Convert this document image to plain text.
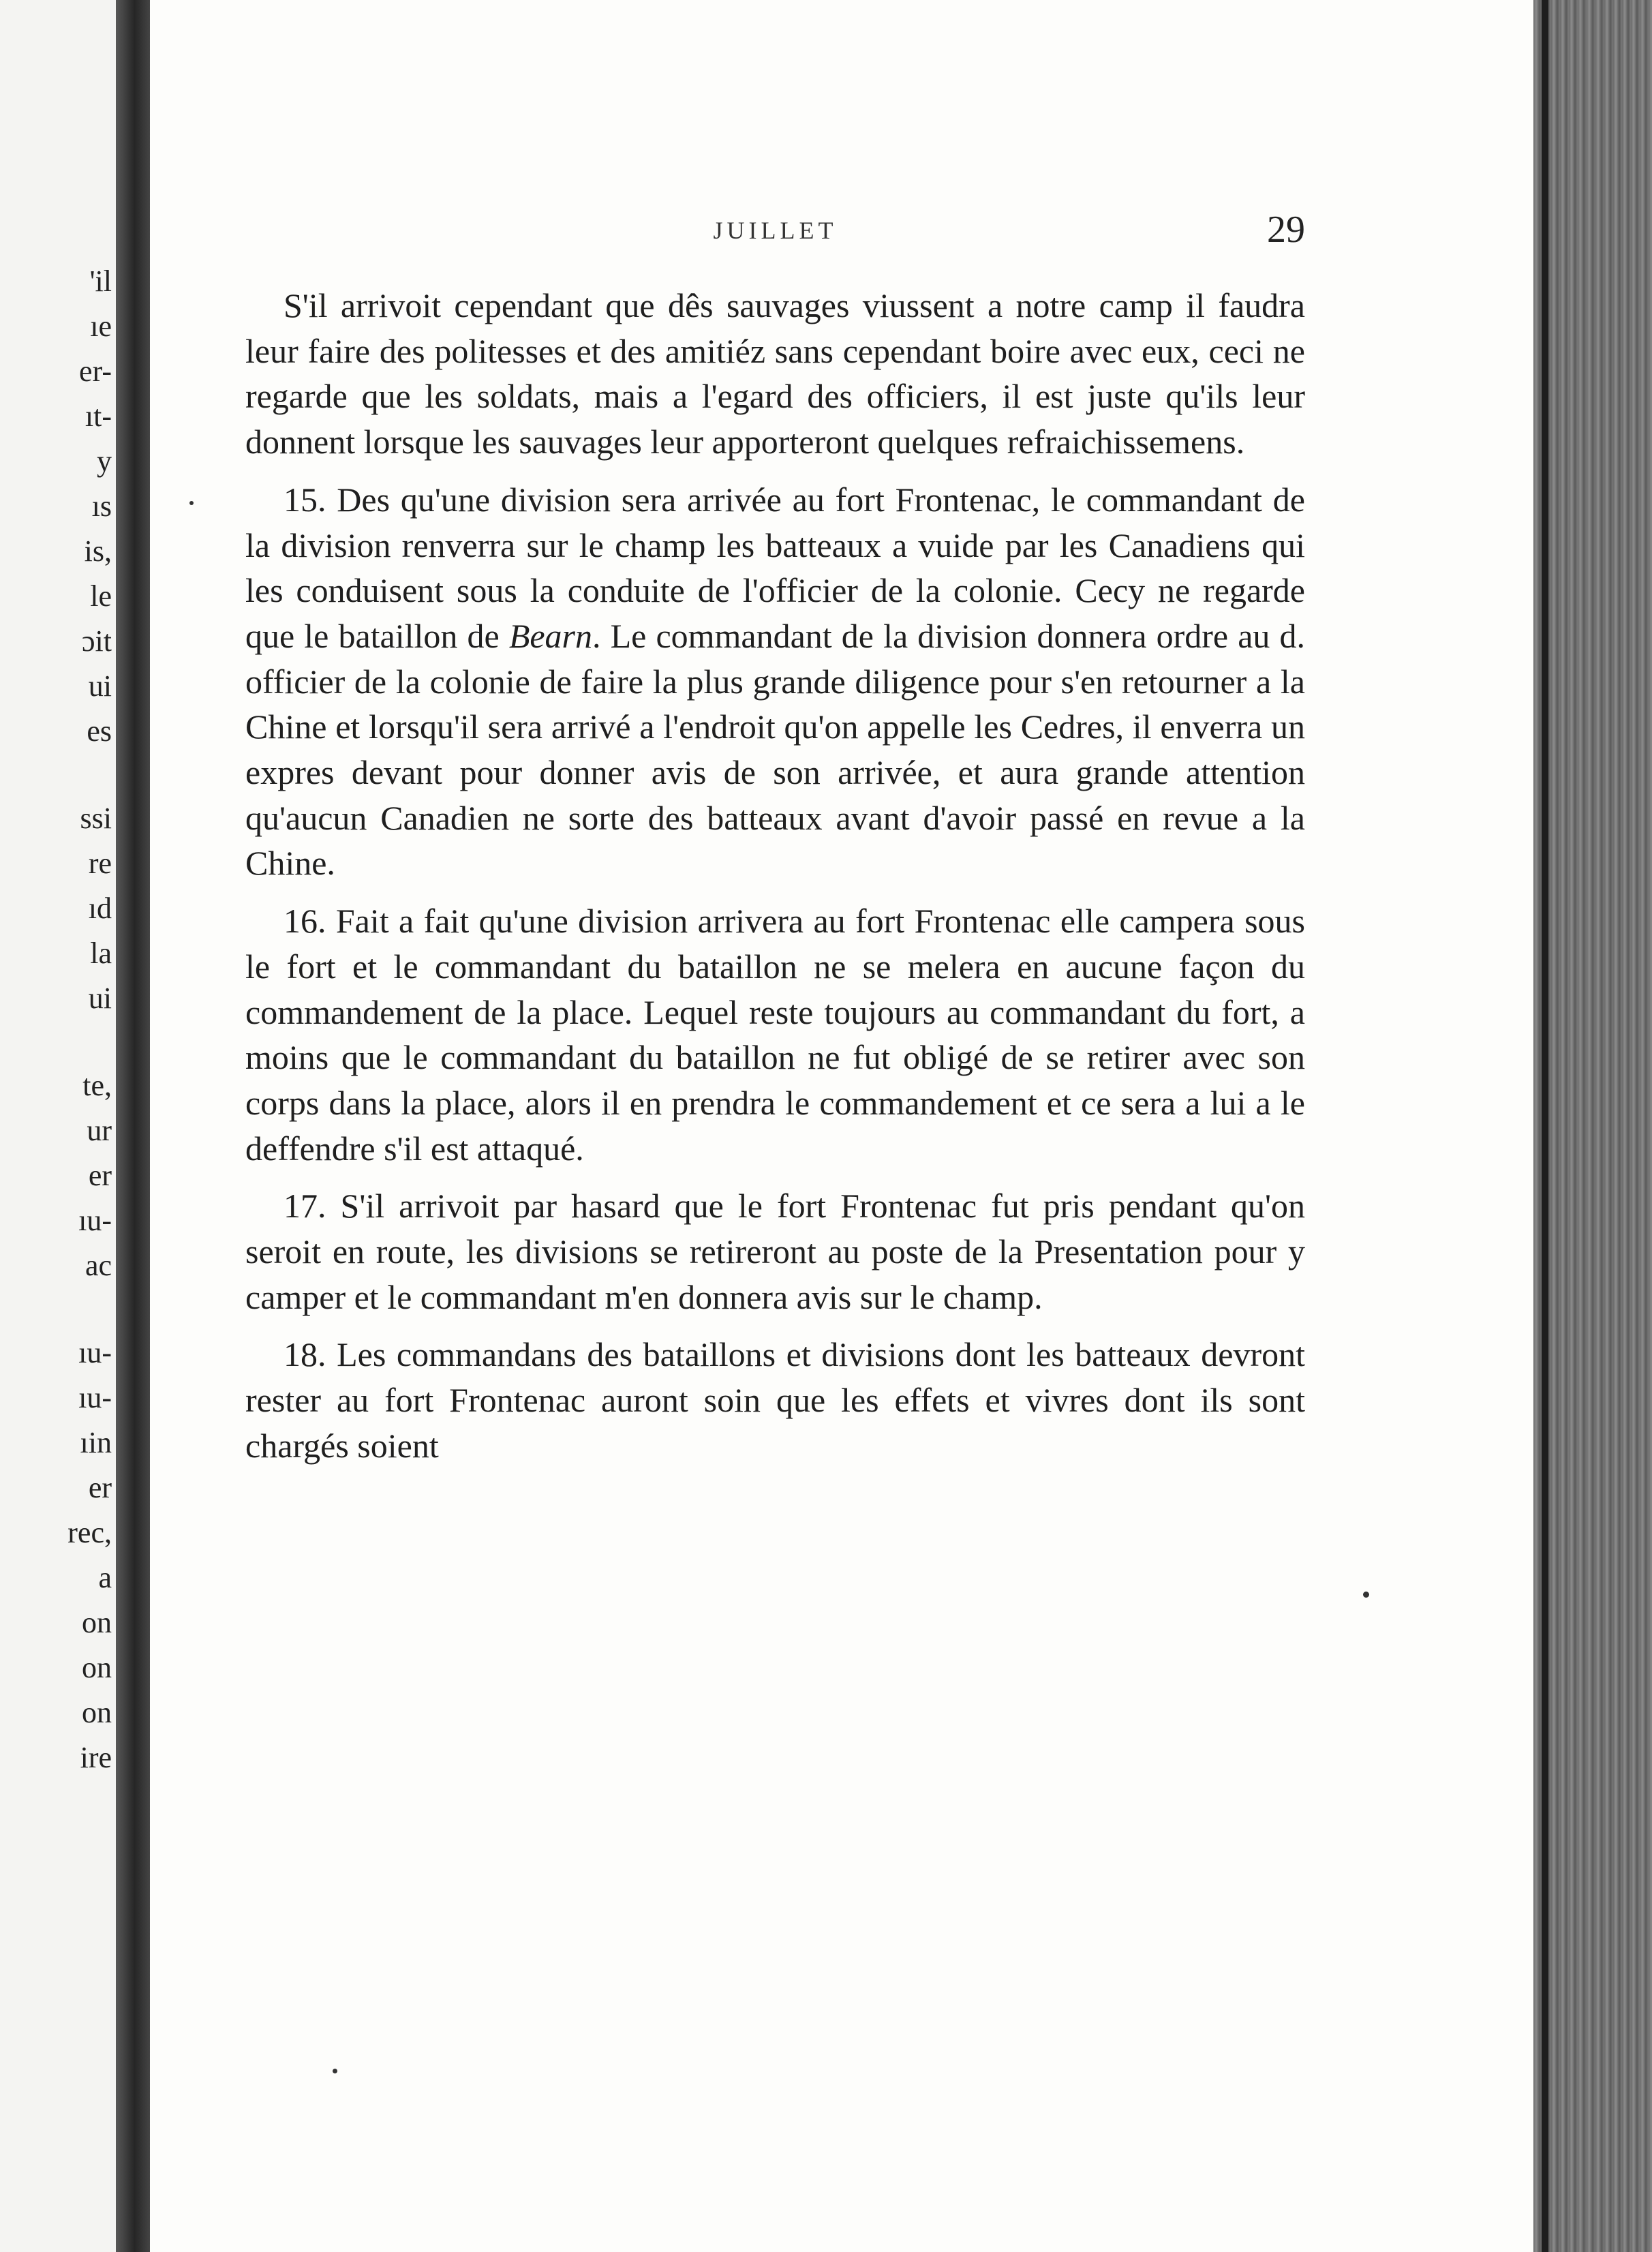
'il
ıe
er-
ıt-
y
ıs
is,
le
ɔit
ui
es
ssi
re
ıd
la
ui
te,
ur
er
ıu-
ac
ıu-
ıu-
ıin
er
rec,
a
on
on
on
ire
JUILLET	29

S'il arrivoit cependant que dês sauvages viussent a notre camp il faudra leur faire des politesses et des amitiéz sans cependant boire avec eux, ceci ne regarde que les soldats, mais a l'egard des officiers, il est juste qu'ils leur donnent lorsque les sauvages leur apporteront quelques refraichissemens.

15. Des qu'une division sera arrivée au fort Frontenac, le commandant de la division renverra sur le champ les batteaux a vuide par les Canadiens qui les conduisent sous la conduite de l'officier de la colonie. Cecy ne regarde que le bataillon de Bearn. Le commandant de la division donnera ordre au d. officier de la colonie de faire la plus grande diligence pour s'en retourner a la Chine et lorsqu'il sera arrivé a l'endroit qu'on appelle les Cedres, il enverra un expres devant pour donner avis de son arrivée, et aura grande attention qu'aucun Canadien ne sorte des batteaux avant d'avoir passé en revue a la Chine.

16. Fait a fait qu'une division arrivera au fort Frontenac elle campera sous le fort et le commandant du bataillon ne se melera en aucune façon du commandement de la place. Lequel reste toujours au commandant du fort, a moins que le commandant du bataillon ne fut obligé de se retirer avec son corps dans la place, alors il en prendra le commandement et ce sera a lui a le deffendre s'il est attaqué.

17. S'il arrivoit par hasard que le fort Frontenac fut pris pendant qu'on seroit en route, les divisions se retireront au poste de la Presentation pour y camper et le commandant m'en donnera avis sur le champ.

18. Les commandans des bataillons et divisions dont les batteaux devront rester au fort Frontenac auront soin que les effets et vivres dont ils sont chargés soient
